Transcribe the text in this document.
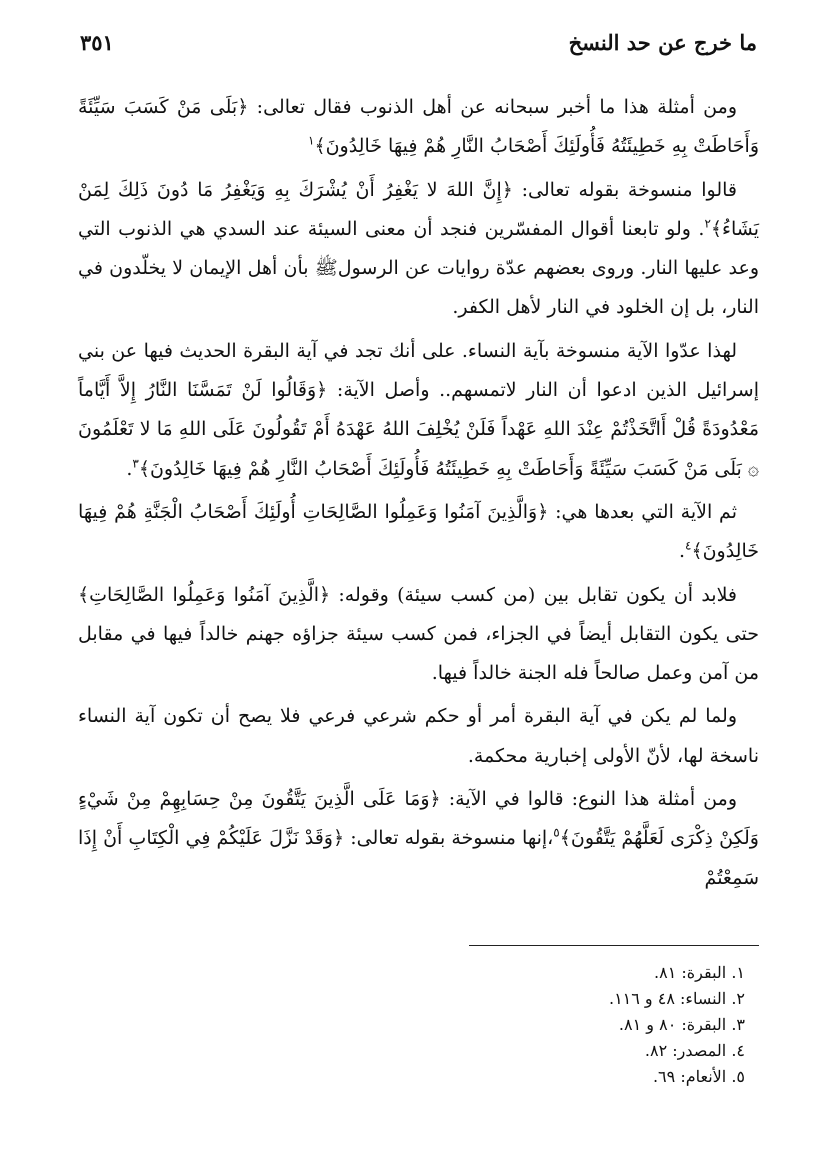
ما خرج عن حد النسخ
٣٥١

ومن أمثلة هذا ما أخبر سبحانه عن أهل الذنوب فقال تعالى: ﴿بَلَى مَنْ كَسَبَ سَيِّئَةً وَأَحَاطَتْ بِهِ خَطِيئَتُهُ فَأُولَئِكَ أَصْحَابُ النَّارِ هُمْ فِيهَا خَالِدُونَ﴾$^١$

قالوا منسوخة بقوله تعالى: ﴿إِنَّ اللهَ لا يَغْفِرُ أَنْ يُشْرَكَ بِهِ وَيَغْفِرُ مَا دُونَ ذَلِكَ لِمَنْ يَشَاءُ﴾$^٢$. ولو تابعنا أقوال المفسّرين فنجد أن معنى السيئة عند السدي هي الذنوب التي وعد عليها النار. وروى بعضهم عدّة روايات عن الرسولﷺ بأن أهل الإيمان لا يخلّدون في النار، بل إن الخلود في النار لأهل الكفر.

لهذا عدّوا الآية منسوخة بآية النساء. على أنك تجد في آية البقرة الحديث فيها عن بني إسرائيل الذين ادعوا أن النار لاتمسهم.. وأصل الآية: ﴿وَقَالُوا لَنْ تَمَسَّنَا النَّارُ إِلاَّ أَيَّاماً مَعْدُودَةً قُلْ أَاتَّخَذْتُمْ عِنْدَ اللهِ عَهْداً فَلَنْ يُخْلِفَ اللهُ عَهْدَهُ أَمْ تَقُولُونَ عَلَى اللهِ مَا لا تَعْلَمُونَ ۞ بَلَى مَنْ كَسَبَ سَيِّئَةً وَأَحَاطَتْ بِهِ خَطِيئَتُهُ فَأُولَئِكَ أَصْحَابُ النَّارِ هُمْ فِيهَا خَالِدُونَ﴾$^٣$.

ثم الآية التي بعدها هي: ﴿وَالَّذِينَ آمَنُوا وَعَمِلُوا الصَّالِحَاتِ أُولَئِكَ أَصْحَابُ الْجَنَّةِ هُمْ فِيهَا خَالِدُونَ﴾$^٤$.

فلابد أن يكون تقابل بين (من كسب سيئة) وقوله: ﴿الَّذِينَ آمَنُوا وَعَمِلُوا الصَّالِحَاتِ﴾ حتى يكون التقابل أيضاً في الجزاء، فمن كسب سيئة جزاؤه جهنم خالداً فيها في مقابل من آمن وعمل صالحاً فله الجنة خالداً فيها.

ولما لم يكن في آية البقرة أمر أو حكم شرعي فرعي فلا يصح أن تكون آية النساء ناسخة لها، لأنّ الأولى إخبارية محكمة.

ومن أمثلة هذا النوع: قالوا في الآية: ﴿وَمَا عَلَى الَّذِينَ يَتَّقُونَ مِنْ حِسَابِهِمْ مِنْ شَيْءٍ وَلَكِنْ ذِكْرَى لَعَلَّهُمْ يَتَّقُونَ﴾$^٥$،إنها منسوخة بقوله تعالى: ﴿وَقَدْ نَزَّلَ عَلَيْكُمْ فِي الْكِتَابِ أَنْ إِذَا سَمِعْتُمْ

١. البقرة: ٨١.
٢. النساء: ٤٨ و ١١٦.
٣. البقرة: ٨٠ و ٨١.
٤. المصدر: ٨٢.
٥. الأنعام: ٦٩.
